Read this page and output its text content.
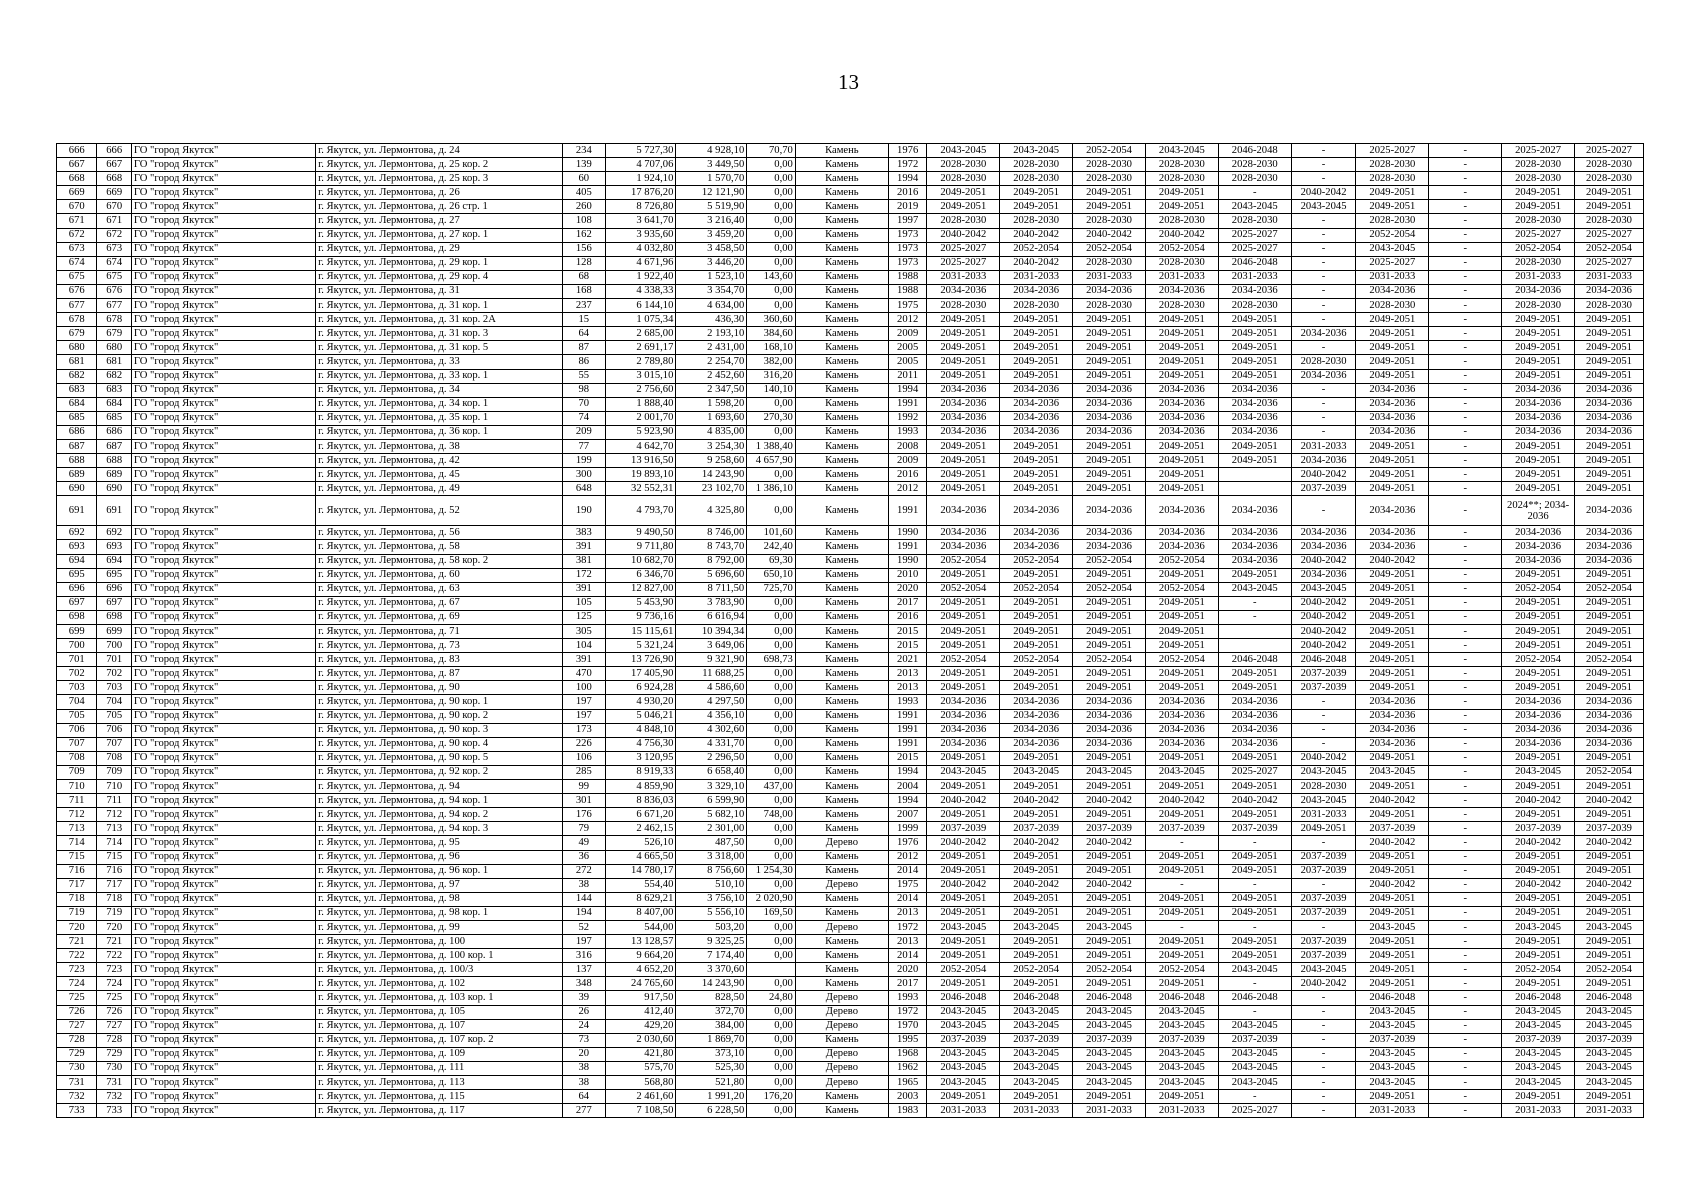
13
666	666	ГО "город Якутск"	г. Якутск, ул. Лермонтова, д. 24	234	5 727,30	4 928,10	70,70	Камень	1976	2043-2045	2043-2045	2052-2054	2043-2045	2046-2048	-	2025-2027	-	2025-2027	2025-2027
667	667	ГО "город Якутск"	г. Якутск, ул. Лермонтова, д. 25 кор. 2	139	4 707,06	3 449,50	0,00	Камень	1972	2028-2030	2028-2030	2028-2030	2028-2030	2028-2030	-	2028-2030	-	2028-2030	2028-2030
668	668	ГО "город Якутск"	г. Якутск, ул. Лермонтова, д. 25 кор. 3	60	1 924,10	1 570,70	0,00	Камень	1994	2028-2030	2028-2030	2028-2030	2028-2030	2028-2030	-	2028-2030	-	2028-2030	2028-2030
669	669	ГО "город Якутск"	г. Якутск, ул. Лермонтова, д. 26	405	17 876,20	12 121,90	0,00	Камень	2016	2049-2051	2049-2051	2049-2051	2049-2051	-	2040-2042	2049-2051	-	2049-2051	2049-2051
670	670	ГО "город Якутск"	г. Якутск, ул. Лермонтова, д. 26 стр. 1	260	8 726,80	5 519,90	0,00	Камень	2019	2049-2051	2049-2051	2049-2051	2049-2051	2043-2045	2043-2045	2049-2051	-	2049-2051	2049-2051
671	671	ГО "город Якутск"	г. Якутск, ул. Лермонтова, д. 27	108	3 641,70	3 216,40	0,00	Камень	1997	2028-2030	2028-2030	2028-2030	2028-2030	2028-2030	-	2028-2030	-	2028-2030	2028-2030
672	672	ГО "город Якутск"	г. Якутск, ул. Лермонтова, д. 27 кор. 1	162	3 935,60	3 459,20	0,00	Камень	1973	2040-2042	2040-2042	2040-2042	2040-2042	2025-2027	-	2052-2054	-	2025-2027	2025-2027
673	673	ГО "город Якутск"	г. Якутск, ул. Лермонтова, д. 29	156	4 032,80	3 458,50	0,00	Камень	1973	2025-2027	2052-2054	2052-2054	2052-2054	2025-2027	-	2043-2045	-	2052-2054	2052-2054
674	674	ГО "город Якутск"	г. Якутск, ул. Лермонтова, д. 29 кор. 1	128	4 671,96	3 446,20	0,00	Камень	1973	2025-2027	2040-2042	2028-2030	2028-2030	2046-2048	-	2025-2027	-	2028-2030	2025-2027
675	675	ГО "город Якутск"	г. Якутск, ул. Лермонтова, д. 29 кор. 4	68	1 922,40	1 523,10	143,60	Камень	1988	2031-2033	2031-2033	2031-2033	2031-2033	2031-2033	-	2031-2033	-	2031-2033	2031-2033
676	676	ГО "город Якутск"	г. Якутск, ул. Лермонтова, д. 31	168	4 338,33	3 354,70	0,00	Камень	1988	2034-2036	2034-2036	2034-2036	2034-2036	2034-2036	-	2034-2036	-	2034-2036	2034-2036
677	677	ГО "город Якутск"	г. Якутск, ул. Лермонтова, д. 31 кор. 1	237	6 144,10	4 634,00	0,00	Камень	1975	2028-2030	2028-2030	2028-2030	2028-2030	2028-2030	-	2028-2030	-	2028-2030	2028-2030
678	678	ГО "город Якутск"	г. Якутск, ул. Лермонтова, д. 31 кор. 2А	15	1 075,34	436,30	360,60	Камень	2012	2049-2051	2049-2051	2049-2051	2049-2051	2049-2051	-	2049-2051	-	2049-2051	2049-2051
679	679	ГО "город Якутск"	г. Якутск, ул. Лермонтова, д. 31 кор. 3	64	2 685,00	2 193,10	384,60	Камень	2009	2049-2051	2049-2051	2049-2051	2049-2051	2049-2051	2034-2036	2049-2051	-	2049-2051	2049-2051
680	680	ГО "город Якутск"	г. Якутск, ул. Лермонтова, д. 31 кор. 5	87	2 691,17	2 431,00	168,10	Камень	2005	2049-2051	2049-2051	2049-2051	2049-2051	2049-2051	-	2049-2051	-	2049-2051	2049-2051
681	681	ГО "город Якутск"	г. Якутск, ул. Лермонтова, д. 33	86	2 789,80	2 254,70	382,00	Камень	2005	2049-2051	2049-2051	2049-2051	2049-2051	2049-2051	2028-2030	2049-2051	-	2049-2051	2049-2051
682	682	ГО "город Якутск"	г. Якутск, ул. Лермонтова, д. 33 кор. 1	55	3 015,10	2 452,60	316,20	Камень	2011	2049-2051	2049-2051	2049-2051	2049-2051	2049-2051	2034-2036	2049-2051	-	2049-2051	2049-2051
683	683	ГО "город Якутск"	г. Якутск, ул. Лермонтова, д. 34	98	2 756,60	2 347,50	140,10	Камень	1994	2034-2036	2034-2036	2034-2036	2034-2036	2034-2036	-	2034-2036	-	2034-2036	2034-2036
684	684	ГО "город Якутск"	г. Якутск, ул. Лермонтова, д. 34 кор. 1	70	1 888,40	1 598,20	0,00	Камень	1991	2034-2036	2034-2036	2034-2036	2034-2036	2034-2036	-	2034-2036	-	2034-2036	2034-2036
685	685	ГО "город Якутск"	г. Якутск, ул. Лермонтова, д. 35 кор. 1	74	2 001,70	1 693,60	270,30	Камень	1992	2034-2036	2034-2036	2034-2036	2034-2036	2034-2036	-	2034-2036	-	2034-2036	2034-2036
686	686	ГО "город Якутск"	г. Якутск, ул. Лермонтова, д. 36 кор. 1	209	5 923,90	4 835,00	0,00	Камень	1993	2034-2036	2034-2036	2034-2036	2034-2036	2034-2036	-	2034-2036	-	2034-2036	2034-2036
687	687	ГО "город Якутск"	г. Якутск, ул. Лермонтова, д. 38	77	4 642,70	3 254,30	1 388,40	Камень	2008	2049-2051	2049-2051	2049-2051	2049-2051	2049-2051	2031-2033	2049-2051	-	2049-2051	2049-2051
688	688	ГО "город Якутск"	г. Якутск, ул. Лермонтова, д. 42	199	13 916,50	9 258,60	4 657,90	Камень	2009	2049-2051	2049-2051	2049-2051	2049-2051	2049-2051	2034-2036	2049-2051	-	2049-2051	2049-2051
689	689	ГО "город Якутск"	г. Якутск, ул. Лермонтова, д. 45	300	19 893,10	14 243,90	0,00	Камень	2016	2049-2051	2049-2051	2049-2051	2049-2051		2040-2042	2049-2051	-	2049-2051	2049-2051
690	690	ГО "город Якутск"	г. Якутск, ул. Лермонтова, д. 49	648	32 552,31	23 102,70	1 386,10	Камень	2012	2049-2051	2049-2051	2049-2051	2049-2051		2037-2039	2049-2051	-	2049-2051	2049-2051
691	691	ГО "город Якутск"	г. Якутск, ул. Лермонтова, д. 52	190	4 793,70	4 325,80	0,00	Камень	1991	2034-2036	2034-2036	2034-2036	2034-2036	2034-2036	-	2034-2036	-	2024**; 2034-2036	2034-2036
692	692	ГО "город Якутск"	г. Якутск, ул. Лермонтова, д. 56	383	9 490,50	8 746,00	101,60	Камень	1990	2034-2036	2034-2036	2034-2036	2034-2036	2034-2036	2034-2036	2034-2036	-	2034-2036	2034-2036
693	693	ГО "город Якутск"	г. Якутск, ул. Лермонтова, д. 58	391	9 711,80	8 743,70	242,40	Камень	1991	2034-2036	2034-2036	2034-2036	2034-2036	2034-2036	2034-2036	2034-2036	-	2034-2036	2034-2036
694	694	ГО "город Якутск"	г. Якутск, ул. Лермонтова, д. 58 кор. 2	381	10 682,70	8 792,00	69,30	Камень	1990	2052-2054	2052-2054	2052-2054	2052-2054	2034-2036	2040-2042	2040-2042	-	2034-2036	2034-2036
695	695	ГО "город Якутск"	г. Якутск, ул. Лермонтова, д. 60	172	6 346,70	5 696,60	650,10	Камень	2010	2049-2051	2049-2051	2049-2051	2049-2051	2049-2051	2034-2036	2049-2051	-	2049-2051	2049-2051
696	696	ГО "город Якутск"	г. Якутск, ул. Лермонтова, д. 63	391	12 827,00	8 711,50	725,70	Камень	2020	2052-2054	2052-2054	2052-2054	2052-2054	2043-2045	2043-2045	2049-2051	-	2052-2054	2052-2054
697	697	ГО "город Якутск"	г. Якутск, ул. Лермонтова, д. 67	105	5 453,90	3 783,90	0,00	Камень	2017	2049-2051	2049-2051	2049-2051	2049-2051	-	2040-2042	2049-2051	-	2049-2051	2049-2051
698	698	ГО "город Якутск"	г. Якутск, ул. Лермонтова, д. 69	125	9 736,16	6 616,94	0,00	Камень	2016	2049-2051	2049-2051	2049-2051	2049-2051	-	2040-2042	2049-2051	-	2049-2051	2049-2051
699	699	ГО "город Якутск"	г. Якутск, ул. Лермонтова, д. 71	305	15 115,61	10 394,34	0,00	Камень	2015	2049-2051	2049-2051	2049-2051	2049-2051		2040-2042	2049-2051	-	2049-2051	2049-2051
700	700	ГО "город Якутск"	г. Якутск, ул. Лермонтова, д. 73	104	5 321,24	3 649,06	0,00	Камень	2015	2049-2051	2049-2051	2049-2051	2049-2051		2040-2042	2049-2051	-	2049-2051	2049-2051
701	701	ГО "город Якутск"	г. Якутск, ул. Лермонтова, д. 83	391	13 726,90	9 321,90	698,73	Камень	2021	2052-2054	2052-2054	2052-2054	2052-2054	2046-2048	2046-2048	2049-2051	-	2052-2054	2052-2054
702	702	ГО "город Якутск"	г. Якутск, ул. Лермонтова, д. 87	470	17 405,90	11 688,25	0,00	Камень	2013	2049-2051	2049-2051	2049-2051	2049-2051	2049-2051	2037-2039	2049-2051	-	2049-2051	2049-2051
703	703	ГО "город Якутск"	г. Якутск, ул. Лермонтова, д. 90	100	6 924,28	4 586,60	0,00	Камень	2013	2049-2051	2049-2051	2049-2051	2049-2051	2049-2051	2037-2039	2049-2051	-	2049-2051	2049-2051
704	704	ГО "город Якутск"	г. Якутск, ул. Лермонтова, д. 90 кор. 1	197	4 930,20	4 297,50	0,00	Камень	1993	2034-2036	2034-2036	2034-2036	2034-2036	2034-2036	-	2034-2036	-	2034-2036	2034-2036
705	705	ГО "город Якутск"	г. Якутск, ул. Лермонтова, д. 90 кор. 2	197	5 046,21	4 356,10	0,00	Камень	1991	2034-2036	2034-2036	2034-2036	2034-2036	2034-2036	-	2034-2036	-	2034-2036	2034-2036
706	706	ГО "город Якутск"	г. Якутск, ул. Лермонтова, д. 90 кор. 3	173	4 848,10	4 302,60	0,00	Камень	1991	2034-2036	2034-2036	2034-2036	2034-2036	2034-2036	-	2034-2036	-	2034-2036	2034-2036
707	707	ГО "город Якутск"	г. Якутск, ул. Лермонтова, д. 90 кор. 4	226	4 756,30	4 331,70	0,00	Камень	1991	2034-2036	2034-2036	2034-2036	2034-2036	2034-2036	-	2034-2036	-	2034-2036	2034-2036
708	708	ГО "город Якутск"	г. Якутск, ул. Лермонтова, д. 90 кор. 5	106	3 120,95	2 296,50	0,00	Камень	2015	2049-2051	2049-2051	2049-2051	2049-2051	2049-2051	2040-2042	2049-2051	-	2049-2051	2049-2051
709	709	ГО "город Якутск"	г. Якутск, ул. Лермонтова, д. 92 кор. 2	285	8 919,33	6 658,40	0,00	Камень	1994	2043-2045	2043-2045	2043-2045	2043-2045	2025-2027	2043-2045	2043-2045	-	2043-2045	2052-2054
710	710	ГО "город Якутск"	г. Якутск, ул. Лермонтова, д. 94	99	4 859,90	3 329,10	437,00	Камень	2004	2049-2051	2049-2051	2049-2051	2049-2051	2049-2051	2028-2030	2049-2051	-	2049-2051	2049-2051
711	711	ГО "город Якутск"	г. Якутск, ул. Лермонтова, д. 94 кор. 1	301	8 836,03	6 599,90	0,00	Камень	1994	2040-2042	2040-2042	2040-2042	2040-2042	2040-2042	2043-2045	2040-2042	-	2040-2042	2040-2042
712	712	ГО "город Якутск"	г. Якутск, ул. Лермонтова, д. 94 кор. 2	176	6 671,20	5 682,10	748,00	Камень	2007	2049-2051	2049-2051	2049-2051	2049-2051	2049-2051	2031-2033	2049-2051	-	2049-2051	2049-2051
713	713	ГО "город Якутск"	г. Якутск, ул. Лермонтова, д. 94 кор. 3	79	2 462,15	2 301,00	0,00	Камень	1999	2037-2039	2037-2039	2037-2039	2037-2039	2037-2039	2049-2051	2037-2039	-	2037-2039	2037-2039
714	714	ГО "город Якутск"	г. Якутск, ул. Лермонтова, д. 95	49	526,10	487,50	0,00	Дерево	1976	2040-2042	2040-2042	2040-2042	-	-	-	2040-2042	-	2040-2042	2040-2042
715	715	ГО "город Якутск"	г. Якутск, ул. Лермонтова, д. 96	36	4 665,50	3 318,00	0,00	Камень	2012	2049-2051	2049-2051	2049-2051	2049-2051	2049-2051	2037-2039	2049-2051	-	2049-2051	2049-2051
716	716	ГО "город Якутск"	г. Якутск, ул. Лермонтова, д. 96 кор. 1	272	14 780,17	8 756,60	1 254,30	Камень	2014	2049-2051	2049-2051	2049-2051	2049-2051	2049-2051	2037-2039	2049-2051	-	2049-2051	2049-2051
717	717	ГО "город Якутск"	г. Якутск, ул. Лермонтова, д. 97	38	554,40	510,10	0,00	Дерево	1975	2040-2042	2040-2042	2040-2042	-	-	-	2040-2042	-	2040-2042	2040-2042
718	718	ГО "город Якутск"	г. Якутск, ул. Лермонтова, д. 98	144	8 629,21	3 756,10	2 020,90	Камень	2014	2049-2051	2049-2051	2049-2051	2049-2051	2049-2051	2037-2039	2049-2051	-	2049-2051	2049-2051
719	719	ГО "город Якутск"	г. Якутск, ул. Лермонтова, д. 98 кор. 1	194	8 407,00	5 556,10	169,50	Камень	2013	2049-2051	2049-2051	2049-2051	2049-2051	2049-2051	2037-2039	2049-2051	-	2049-2051	2049-2051
720	720	ГО "город Якутск"	г. Якутск, ул. Лермонтова, д. 99	52	544,00	503,20	0,00	Дерево	1972	2043-2045	2043-2045	2043-2045	-	-	-	2043-2045	-	2043-2045	2043-2045
721	721	ГО "город Якутск"	г. Якутск, ул. Лермонтова, д. 100	197	13 128,57	9 325,25	0,00	Камень	2013	2049-2051	2049-2051	2049-2051	2049-2051	2049-2051	2037-2039	2049-2051	-	2049-2051	2049-2051
722	722	ГО "город Якутск"	г. Якутск, ул. Лермонтова, д. 100 кор. 1	316	9 664,20	7 174,40	0,00	Камень	2014	2049-2051	2049-2051	2049-2051	2049-2051	2049-2051	2037-2039	2049-2051	-	2049-2051	2049-2051
723	723	ГО "город Якутск"	г. Якутск, ул. Лермонтова, д. 100/3	137	4 652,20	3 370,60		Камень	2020	2052-2054	2052-2054	2052-2054	2052-2054	2043-2045	2043-2045	2049-2051	-	2052-2054	2052-2054
724	724	ГО "город Якутск"	г. Якутск, ул. Лермонтова, д. 102	348	24 765,60	14 243,90	0,00	Камень	2017	2049-2051	2049-2051	2049-2051	2049-2051	-	2040-2042	2049-2051	-	2049-2051	2049-2051
725	725	ГО "город Якутск"	г. Якутск, ул. Лермонтова, д. 103 кор. 1	39	917,50	828,50	24,80	Дерево	1993	2046-2048	2046-2048	2046-2048	2046-2048	2046-2048	-	2046-2048	-	2046-2048	2046-2048
726	726	ГО "город Якутск"	г. Якутск, ул. Лермонтова, д. 105	26	412,40	372,70	0,00	Дерево	1972	2043-2045	2043-2045	2043-2045	2043-2045	-	-	2043-2045	-	2043-2045	2043-2045
727	727	ГО "город Якутск"	г. Якутск, ул. Лермонтова, д. 107	24	429,20	384,00	0,00	Дерево	1970	2043-2045	2043-2045	2043-2045	2043-2045	2043-2045	-	2043-2045	-	2043-2045	2043-2045
728	728	ГО "город Якутск"	г. Якутск, ул. Лермонтова, д. 107 кор. 2	73	2 030,60	1 869,70	0,00	Камень	1995	2037-2039	2037-2039	2037-2039	2037-2039	2037-2039	-	2037-2039	-	2037-2039	2037-2039
729	729	ГО "город Якутск"	г. Якутск, ул. Лермонтова, д. 109	20	421,80	373,10	0,00	Дерево	1968	2043-2045	2043-2045	2043-2045	2043-2045	2043-2045	-	2043-2045	-	2043-2045	2043-2045
730	730	ГО "город Якутск"	г. Якутск, ул. Лермонтова, д. 111	38	575,70	525,30	0,00	Дерево	1962	2043-2045	2043-2045	2043-2045	2043-2045	2043-2045	-	2043-2045	-	2043-2045	2043-2045
731	731	ГО "город Якутск"	г. Якутск, ул. Лермонтова, д. 113	38	568,80	521,80	0,00	Дерево	1965	2043-2045	2043-2045	2043-2045	2043-2045	2043-2045	-	2043-2045	-	2043-2045	2043-2045
732	732	ГО "город Якутск"	г. Якутск, ул. Лермонтова, д. 115	64	2 461,60	1 991,20	176,20	Камень	2003	2049-2051	2049-2051	2049-2051	2049-2051	-	-	2049-2051	-	2049-2051	2049-2051
733	733	ГО "город Якутск"	г. Якутск, ул. Лермонтова, д. 117	277	7 108,50	6 228,50	0,00	Камень	1983	2031-2033	2031-2033	2031-2033	2031-2033	2025-2027	-	2031-2033	-	2031-2033	2031-2033
